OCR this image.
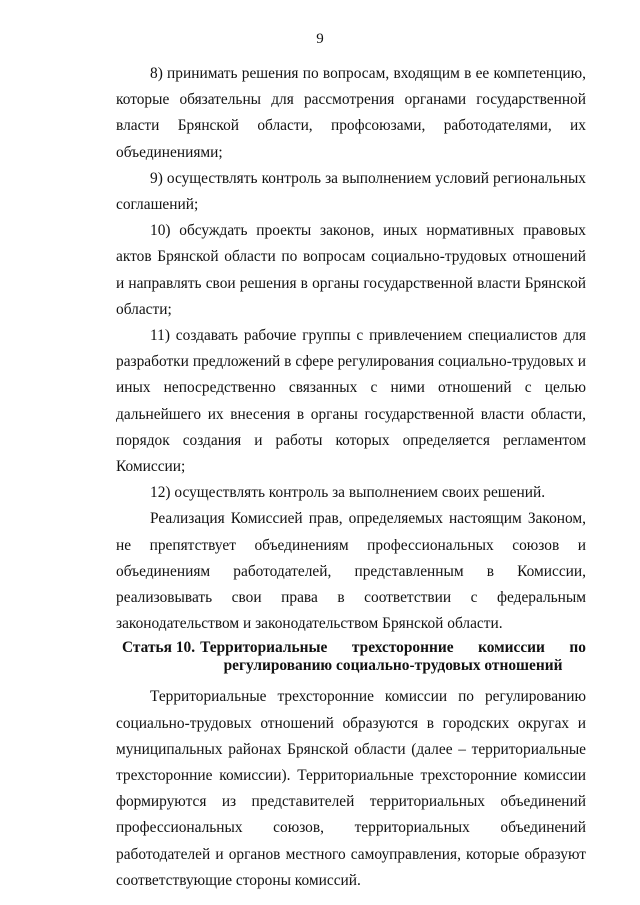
9

8) принимать решения по вопросам, входящим в ее компетенцию, которые обязательны для рассмотрения органами государственной власти Брянской области, профсоюзами, работодателями, их объединениями;

9) осуществлять контроль за выполнением условий региональных соглашений;

10) обсуждать проекты законов, иных нормативных правовых актов Брянской области по вопросам социально-трудовых отношений и направлять свои решения в органы государственной власти Брянской области;

11) создавать рабочие группы с привлечением специалистов для разработки предложений в сфере регулирования социально-трудовых и иных непосредственно связанных с ними отношений с целью дальнейшего их внесения в органы государственной власти области, порядок создания и работы которых определяется регламентом Комиссии;

12) осуществлять контроль за выполнением своих решений.

Реализация Комиссией прав, определяемых настоящим Законом, не препятствует объединениям профессиональных союзов и объединениям работодателей, представленным в Комиссии, реализовывать свои права в соответствии с федеральным законодательством и законодательством Брянской области.

Статья 10. Территориальные трехсторонние комиссии по регулированию социально-трудовых отношений

Территориальные трехсторонние комиссии по регулированию социально-трудовых отношений образуются в городских округах и муниципальных районах Брянской области (далее – территориальные трехсторонние комиссии). Территориальные трехсторонние комиссии формируются из представителей территориальных объединений профессиональных союзов, территориальных объединений работодателей и органов местного самоуправления, которые образуют соответствующие стороны комиссий.
